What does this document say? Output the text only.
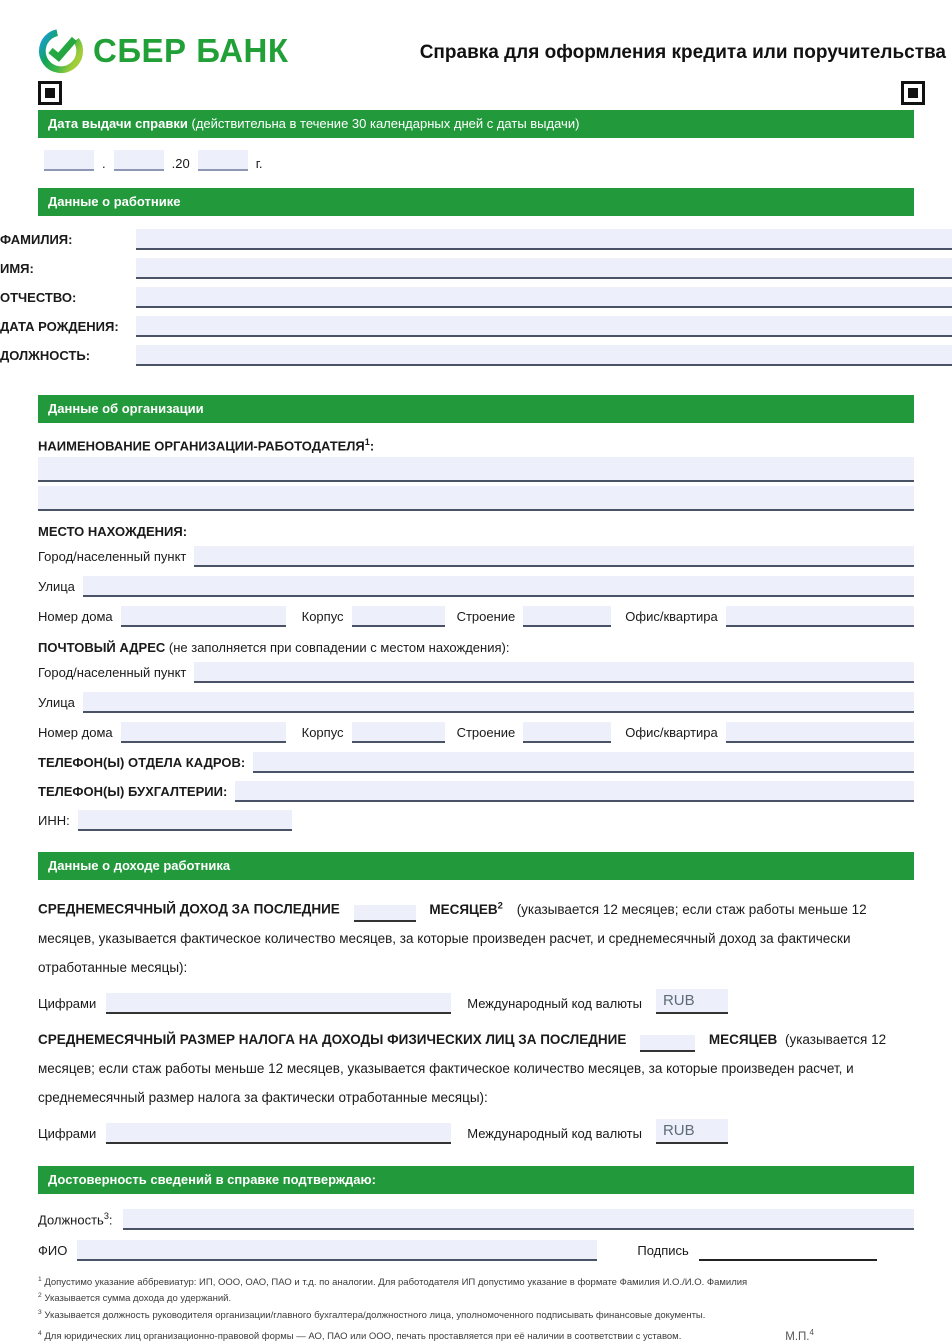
СБЕР БАНК	Справка для оформления кредита или поручительства
Дата выдачи справки (действительна в течение 30 календарных дней с даты выдачи)
.	.20	г.
Данные о работнике
ФАМИЛИЯ:
ИМЯ:
ОТЧЕСТВО:
ДАТА РОЖДЕНИЯ:
ДОЛЖНОСТЬ:
Данные об организации
НАИМЕНОВАНИЕ ОРГАНИЗАЦИИ-РАБОТОДАТЕЛЯ$^1$:
МЕСТО НАХОЖДЕНИЯ:
Город/населенный пункт
Улица
Номер дома	Корпус	Строение	Офис/квартира
ПОЧТОВЫЙ АДРЕС (не заполняется при совпадении с местом нахождения):
Город/населенный пункт
Улица
Номер дома	Корпус	Строение	Офис/квартира
ТЕЛЕФОН(Ы) ОТДЕЛА КАДРОВ:
ТЕЛЕФОН(Ы) БУХГАЛТЕРИИ:
ИНН:
Данные о доходе работника

СРЕДНЕМЕСЯЧНЫЙ ДОХОД ЗА ПОСЛЕДНИЕ	МЕСЯЦЕВ$^2$ (указывается 12 месяцев; если стаж работы меньше 12 месяцев, указывается фактическое количество месяцев, за которые произведен расчет, и среднемесячный доход за фактически отработанные месяцы):

Цифрами	Международный код валюты
RUB

СРЕДНЕМЕСЯЧНЫЙ РАЗМЕР НАЛОГА НА ДОХОДЫ ФИЗИЧЕСКИХ ЛИЦ ЗА ПОСЛЕДНИЕ	МЕСЯЦЕВ (указывается 12 месяцев; если стаж работы меньше 12 месяцев, указывается фактическое количество месяцев, за которые произведен расчет, и среднемесячный размер налога за фактически отработанные месяцы):

Цифрами	Международный код валюты
RUB
Достоверность сведений в справке подтверждаю:
Должность$^3$:
ФИО	Подпись
$^1$ Допустимо указание аббревиатур: ИП, ООО, ОАО, ПАО и т.д. по аналогии. Для работодателя ИП допустимо указание в формате Фамилия И.О./И.О. Фамилия
$^2$ Указывается сумма дохода до удержаний.
$^3$ Указывается должность руководителя организации/главного бухгалтера/должностного лица, уполномоченного подписывать финансовые документы.
$^4$ Для юридических лиц организационно-правовой формы — АО, ПАО или ООО, печать проставляется при её наличии в соответствии с уставом.	М.П.$^4$
